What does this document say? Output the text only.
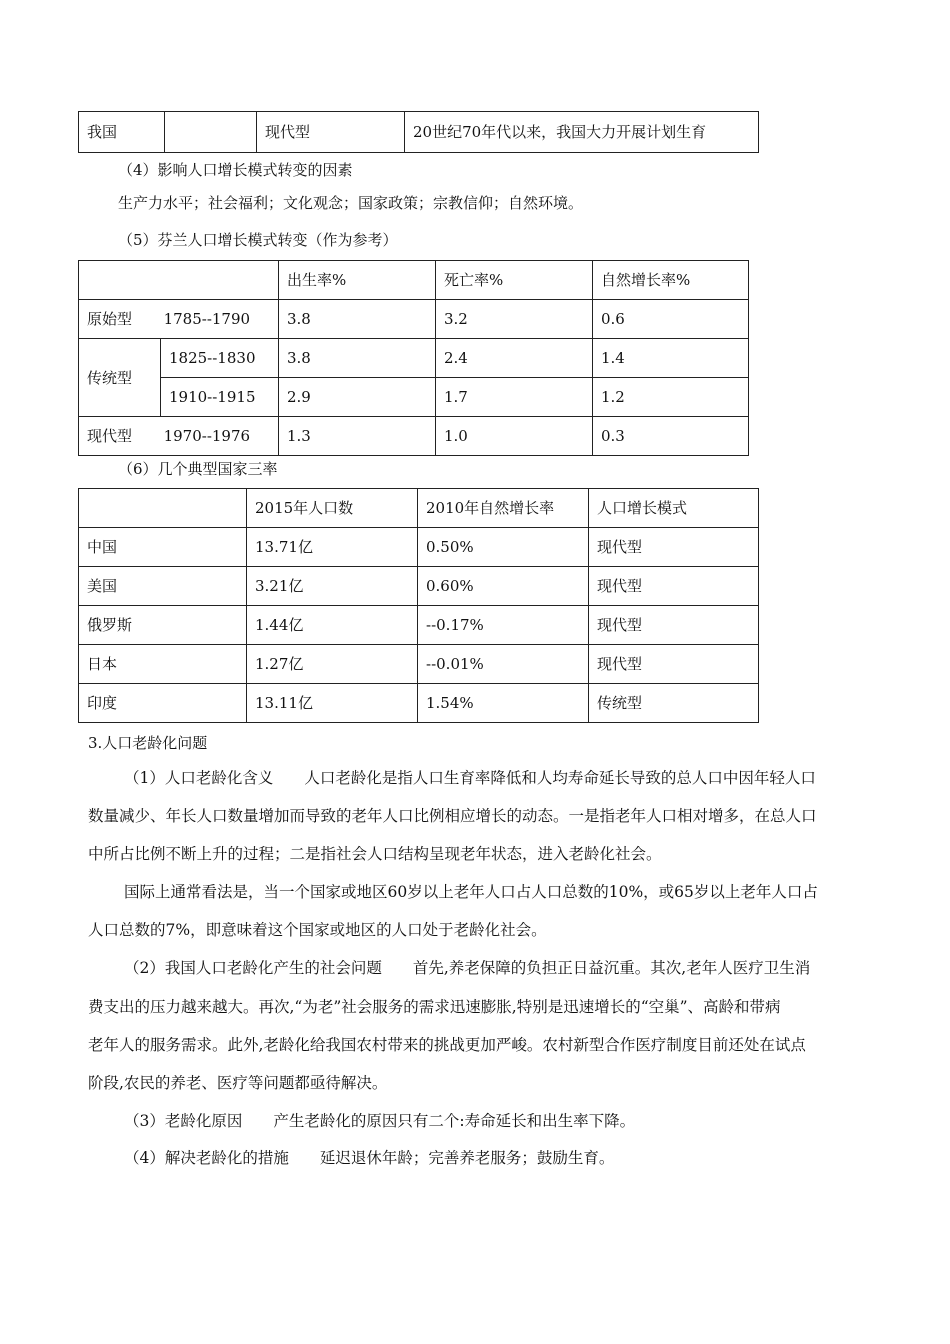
我国		现代型	20世纪70年代以来，我国大力开展计划生育
（4）影响人口增长模式转变的因素
生产力水平；社会福利；文化观念；国家政策；宗教信仰；自然环境。
（5）芬兰人口增长模式转变（作为参考）
		出生率%	死亡率%	自然增长率%
原始型 1785--1790		3.8	3.2	0.6
传统型	1825--1830	3.8	2.4	1.4
	1910--1915	2.9	1.7	1.2
现代型 1970--1976		1.3	1.0	0.3
（6）几个典型国家三率
	2015年人口数	2010年自然增长率	人口增长模式
中国	13.71亿	0.50%	现代型
美国	3.21亿	0.60%	现代型
俄罗斯	1.44亿	--0.17%	现代型
日本	1.27亿	--0.01%	现代型
印度	13.11亿	1.54%	传统型
3.人口老龄化问题
（1）人口老龄化含义　　人口老龄化是指人口生育率降低和人均寿命延长导致的总人口中因年轻人口
数量减少、年长人口数量增加而导致的老年人口比例相应增长的动态。一是指老年人口相对增多，在总人口
中所占比例不断上升的过程；二是指社会人口结构呈现老年状态，进入老龄化社会。
国际上通常看法是，当一个国家或地区60岁以上老年人口占人口总数的10%，或65岁以上老年人口占
人口总数的7%，即意味着这个国家或地区的人口处于老龄化社会。
（2）我国人口老龄化产生的社会问题　　首先,养老保障的负担正日益沉重。其次,老年人医疗卫生消
费支出的压力越来越大。再次,“为老”社会服务的需求迅速膨胀,特别是迅速增长的“空巢”、高龄和带病
老年人的服务需求。此外,老龄化给我国农村带来的挑战更加严峻。农村新型合作医疗制度目前还处在试点
阶段,农民的养老、医疗等问题都亟待解决。
（3）老龄化原因　　产生老龄化的原因只有二个:寿命延长和出生率下降。
（4）解决老龄化的措施　　延迟退休年龄；完善养老服务；鼓励生育。
